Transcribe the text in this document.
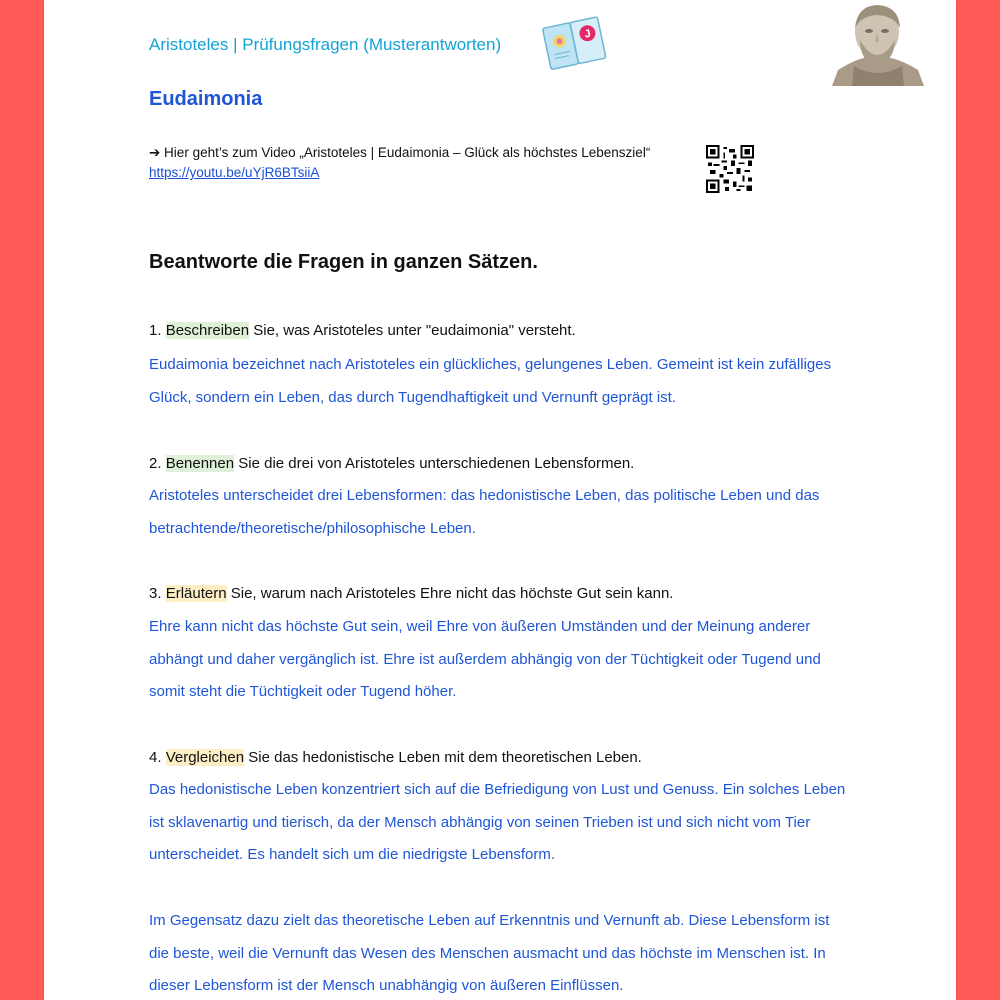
Aristoteles | Prüfungsfragen (Musterantworten)
J
Eudaimonia
➔ Hier geht’s zum Video „Aristoteles | Eudaimonia – Glück als höchstes Lebensziel“
https://youtu.be/uYjR6BTsiiA
Beantworte die Fragen in ganzen Sätzen.
1. Beschreiben Sie, was Aristoteles unter "eudaimonia" versteht.

Eudaimonia bezeichnet nach Aristoteles ein glückliches, gelungenes Leben. Gemeint ist kein zufälliges Glück, sondern ein Leben, das durch Tugendhaftigkeit und Vernunft geprägt ist.

2. Benennen Sie die drei von Aristoteles unterschiedenen Lebensformen.

Aristoteles unterscheidet drei Lebensformen: das hedonistische Leben, das politische Leben und das betrachtende/theoretische/philosophische Leben.

3. Erläutern Sie, warum nach Aristoteles Ehre nicht das höchste Gut sein kann.

Ehre kann nicht das höchste Gut sein, weil Ehre von äußeren Umständen und der Meinung anderer abhängt und daher vergänglich ist. Ehre ist außerdem abhängig von der Tüchtigkeit oder Tugend und somit steht die Tüchtigkeit oder Tugend höher.

4. Vergleichen Sie das hedonistische Leben mit dem theoretischen Leben.

Das hedonistische Leben konzentriert sich auf die Befriedigung von Lust und Genuss. Ein solches Leben ist sklavenartig und tierisch, da der Mensch abhängig von seinen Trieben ist und sich nicht vom Tier unterscheidet. Es handelt sich um die niedrigste Lebensform.

Im Gegensatz dazu zielt das theoretische Leben auf Erkenntnis und Vernunft ab. Diese Lebensform ist die beste, weil die Vernunft das Wesen des Menschen ausmacht und das höchste im Menschen ist. In dieser Lebensform ist der Mensch unabhängig von äußeren Einflüssen.
